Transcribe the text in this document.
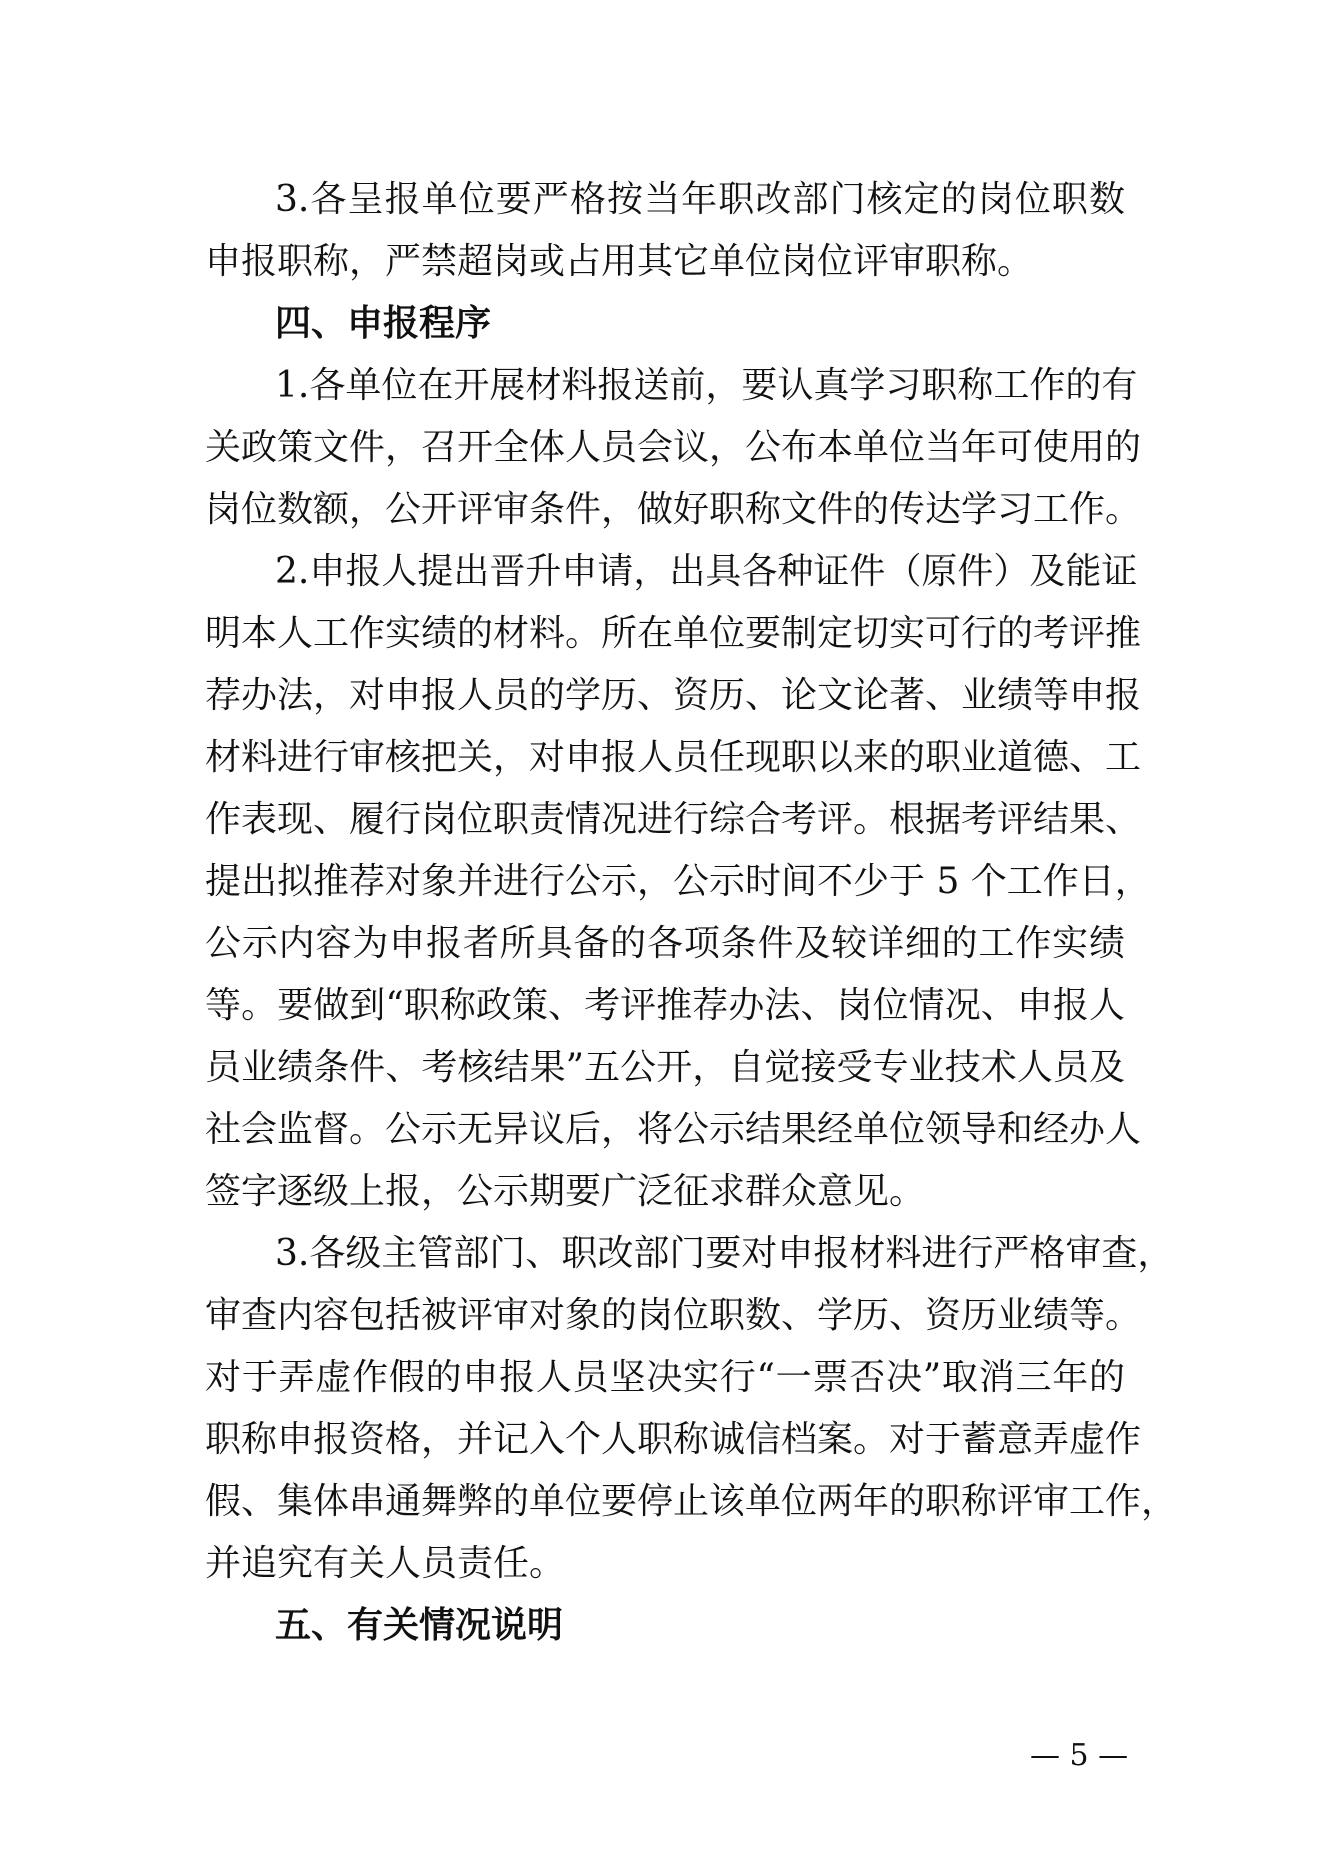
3.各呈报单位要严格按当年职改部门核定的岗位职数
申报职称，严禁超岗或占用其它单位岗位评审职称。
四、申报程序
1.各单位在开展材料报送前，要认真学习职称工作的有
关政策文件，召开全体人员会议，公布本单位当年可使用的
岗位数额，公开评审条件，做好职称文件的传达学习工作。
2.申报人提出晋升申请，出具各种证件（原件）及能证
明本人工作实绩的材料。所在单位要制定切实可行的考评推
荐办法，对申报人员的学历、资历、论文论著、业绩等申报
材料进行审核把关，对申报人员任现职以来的职业道德、工
作表现、履行岗位职责情况进行综合考评。根据考评结果、
提出拟推荐对象并进行公示，公示时间不少于 5 个工作日，
公示内容为申报者所具备的各项条件及较详细的工作实绩
等。要做到“职称政策、考评推荐办法、岗位情况、申报人
员业绩条件、考核结果”五公开，自觉接受专业技术人员及
社会监督。公示无异议后，将公示结果经单位领导和经办人
签字逐级上报，公示期要广泛征求群众意见。
3.各级主管部门、职改部门要对申报材料进行严格审查，
审查内容包括被评审对象的岗位职数、学历、资历业绩等。
对于弄虚作假的申报人员坚决实行“一票否决”取消三年的
职称申报资格，并记入个人职称诚信档案。对于蓄意弄虚作
假、集体串通舞弊的单位要停止该单位两年的职称评审工作，
并追究有关人员责任。
五、有关情况说明
— 5 —
